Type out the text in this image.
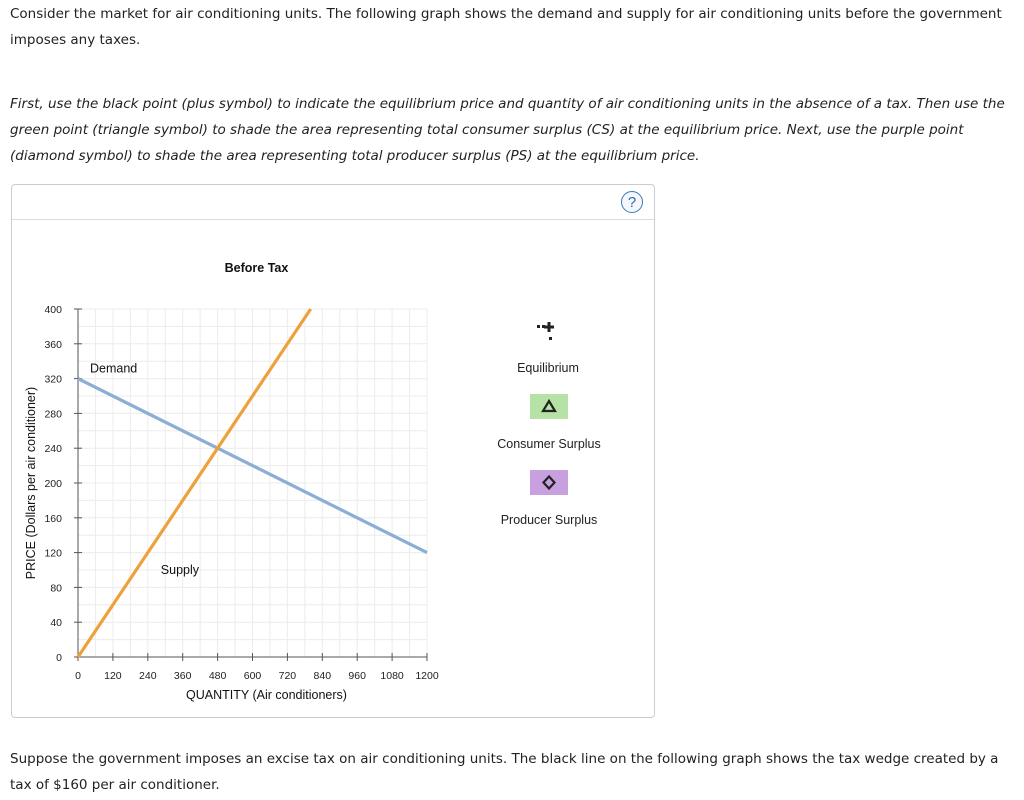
Consider the market for air conditioning units. The following graph shows the demand and supply for air conditioning units before the government imposes any taxes.

First, use the black point (plus symbol) to indicate the equilibrium price and quantity of air conditioning units in the absence of a tax. Then use the green point (triangle symbol) to shade the area representing total consumer surplus (CS) at the equilibrium price. Next, use the purple point (diamond symbol) to shade the area representing total producer surplus (PS) at the equilibrium price.

?
0 120 240 360 480 600 720 840 960 1080 1200
0
40
80
120
160
200
240
280
320
360
400
Before Tax
QUANTITY (Air conditioners)
PRICE (Dollars per air conditioner)
Demand
Supply
Equilibrium
Consumer Surplus
Producer Surplus

Suppose the government imposes an excise tax on air conditioning units. The black line on the following graph shows the tax wedge created by a tax of $160 per air conditioner.
